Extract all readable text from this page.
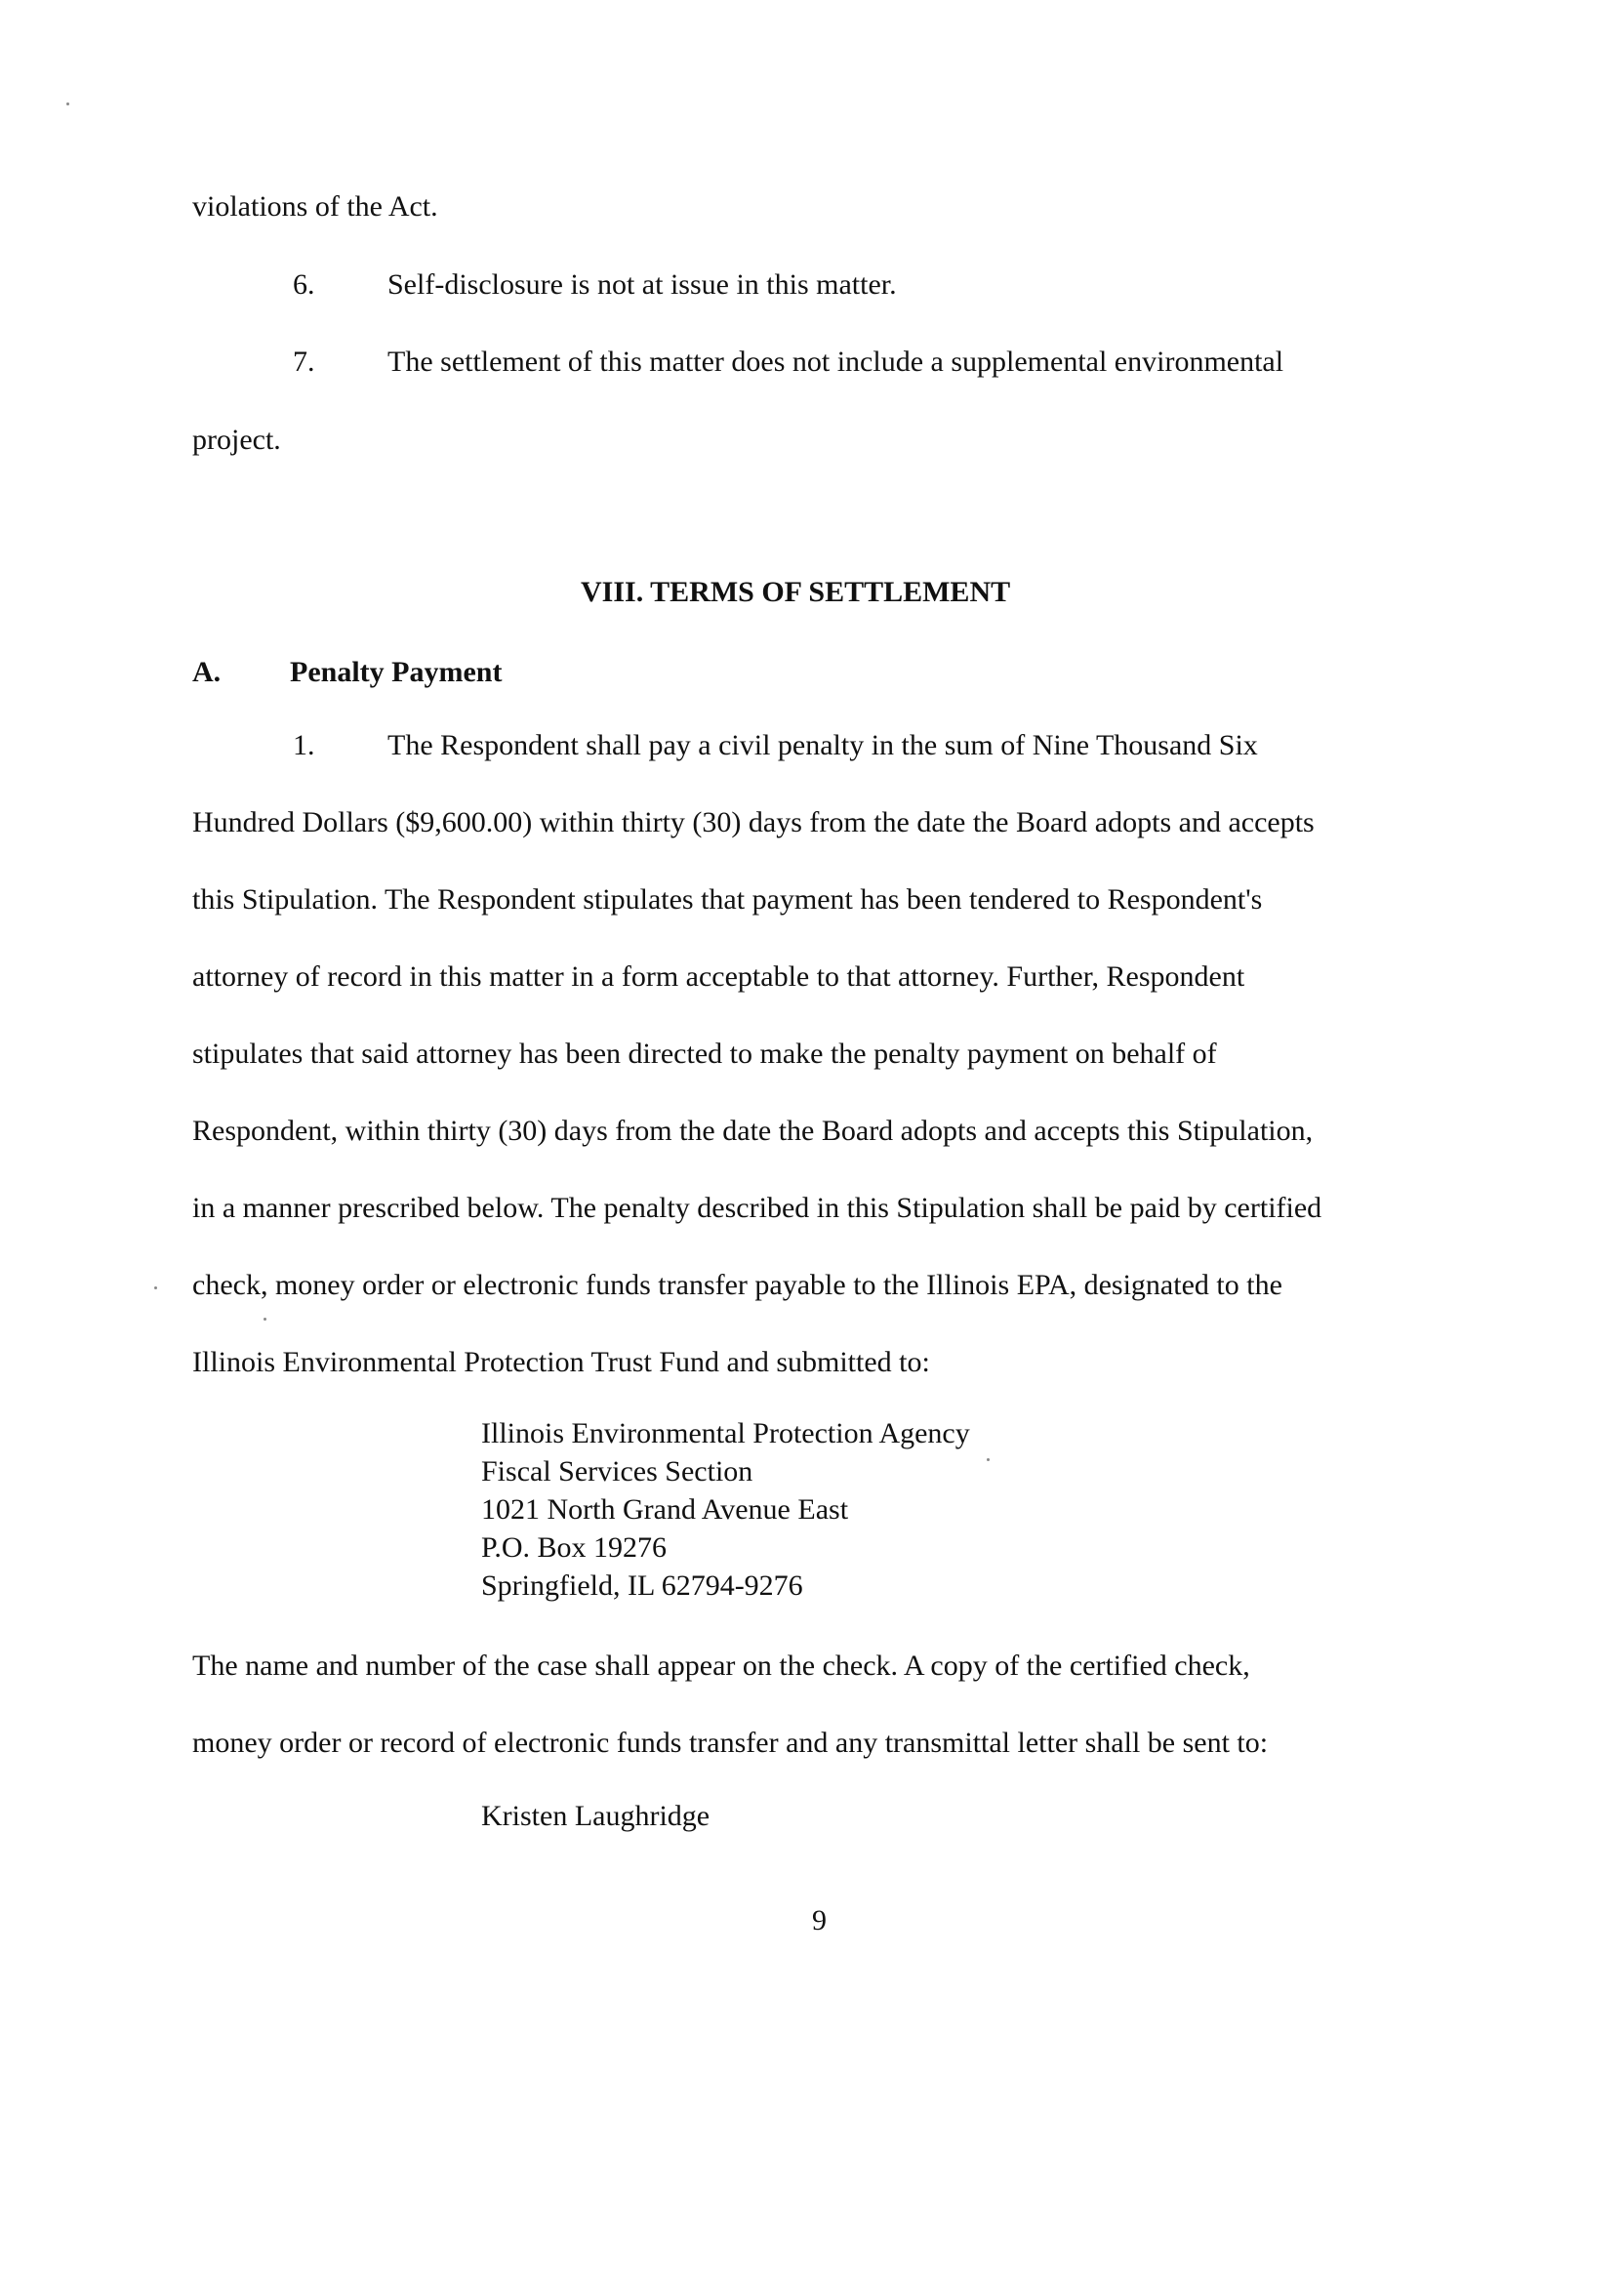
violations of the Act.

6. Self-disclosure is not at issue in this matter.

7. The settlement of this matter does not include a supplemental environmental

project.

VIII. TERMS OF SETTLEMENT

A. Penalty Payment

1. The Respondent shall pay a civil penalty in the sum of Nine Thousand Six

Hundred Dollars ($9,600.00) within thirty (30) days from the date the Board adopts and accepts

this Stipulation. The Respondent stipulates that payment has been tendered to Respondent's

attorney of record in this matter in a form acceptable to that attorney. Further, Respondent

stipulates that said attorney has been directed to make the penalty payment on behalf of

Respondent, within thirty (30) days from the date the Board adopts and accepts this Stipulation,

in a manner prescribed below. The penalty described in this Stipulation shall be paid by certified

check, money order or electronic funds transfer payable to the Illinois EPA, designated to the

Illinois Environmental Protection Trust Fund and submitted to:

Illinois Environmental Protection Agency

Fiscal Services Section

1021 North Grand Avenue East

P.O. Box 19276

Springfield, IL 62794-9276

The name and number of the case shall appear on the check. A copy of the certified check,

money order or record of electronic funds transfer and any transmittal letter shall be sent to:

Kristen Laughridge

9
